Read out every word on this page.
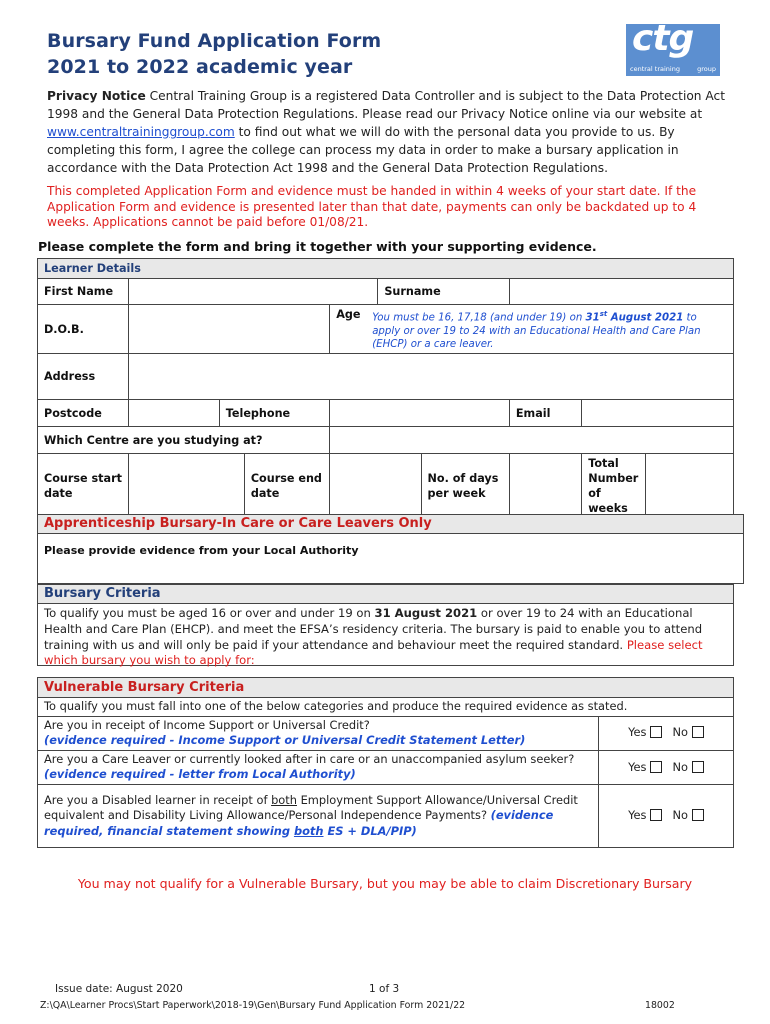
Bursary Fund Application Form
2021 to 2022 academic year
ctg
central training	group
Privacy Notice Central Training Group is a registered Data Controller and is subject to the Data Protection Act 1998 and the General Data Protection Regulations. Please read our Privacy Notice online via our website at www.centraltraininggroup.com to find out what we will do with the personal data you provide to us. By completing this form, I agree the college can process my data in order to make a bursary application in accordance with the Data Protection Act 1998 and the General Data Protection Regulations.
This completed Application Form and evidence must be handed in within 4 weeks of your start date. If the Application Form and evidence is presented later than that date, payments can only be backdated up to 4 weeks. Applications cannot be paid before 01/08/21.
Please complete the form and bring it together with your supporting evidence.
Learner Details									
First Name					Surname				
D.O.B.				Age You must be 16, 17,18 (and under 19) on 31st August 2021 to apply or over 19 to 24 with an Educational Health and Care Plan (EHCP) or a care leaver.					

Address									
Postcode		Telephone					Email		
Which Centre are you studying at?									
Course start date			Course end date			No. of days per week		Total Number of weeks	
Apprenticeship Bursary-In Care or Care Leavers Only
Please provide evidence from your Local Authority
Bursary Criteria
To qualify you must be aged 16 or over and under 19 on 31 August 2021 or over 19 to 24 with an Educational Health and Care Plan (EHCP). and meet the EFSA’s residency criteria. The bursary is paid to enable you to attend training with us and will only be paid if your attendance and behaviour meet the required standard. Please select which bursary you wish to apply for:
Vulnerable Bursary Criteria	
To qualify you must fall into one of the below categories and produce the required evidence as stated.	
Are you in receipt of Income Support or Universal Credit?
(evidence required - Income Support or Universal Credit Statement Letter)	Yes No
Are you a Care Leaver or currently looked after in care or an unaccompanied asylum seeker? (evidence required - letter from Local Authority)	Yes No
Are you a Disabled learner in receipt of both Employment Support Allowance/Universal Credit equivalent and Disability Living Allowance/Personal Independence Payments? (evidence required, financial statement showing both ES + DLA/PIP)	Yes No
You may not qualify for a Vulnerable Bursary, but you may be able to claim Discretionary Bursary
Issue date: August 2020	1 of 3
Z:\QA\Learner Procs\Start Paperwork\2018-19\Gen\Bursary Fund Application Form 2021/22	18002
